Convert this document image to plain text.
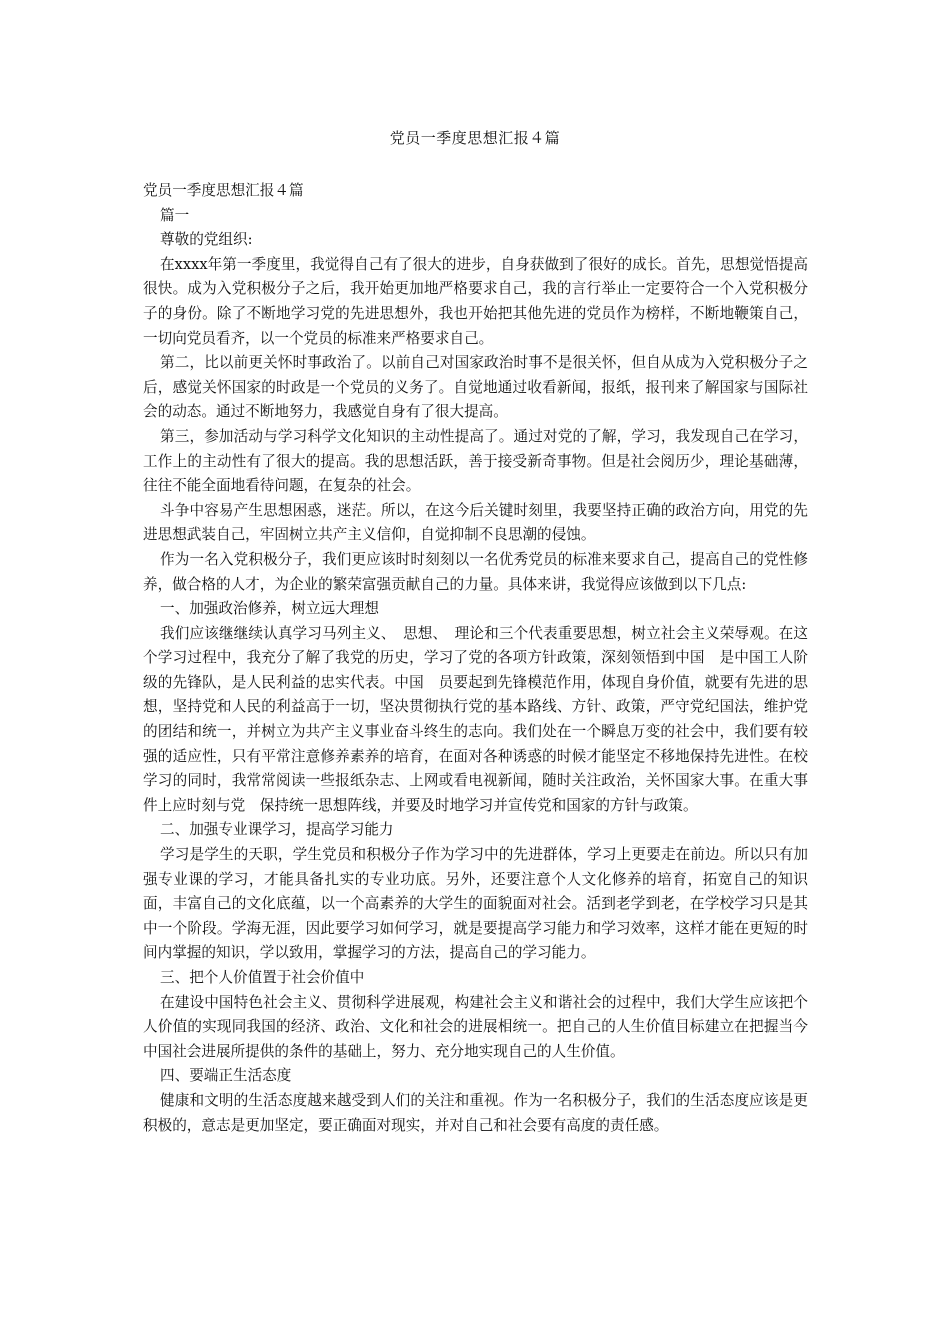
党员一季度思想汇报４篇

党员一季度思想汇报４篇

篇一

尊敬的党组织:

在xxxx年第一季度里，我觉得自己有了很大的进步，自身获做到了很好的成长。首先，思想觉悟提高很快。成为入党积极分子之后，我开始更加地严格要求自己，我的言行举止一定要符合一个入党积极分子的身份。除了不断地学习党的先进思想外，我也开始把其他先进的党员作为榜样，不断地鞭策自己，一切向党员看齐，以一个党员的标准来严格要求自己。

第二，比以前更关怀时事政治了。以前自己对国家政治时事不是很关怀，但自从成为入党积极分子之后，感觉关怀国家的时政是一个党员的义务了。自觉地通过收看新闻，报纸，报刊来了解国家与国际社会的动态。通过不断地努力，我感觉自身有了很大提高。

第三，参加活动与学习科学文化知识的主动性提高了。通过对党的了解，学习，我发现自己在学习，工作上的主动性有了很大的提高。我的思想活跃，善于接受新奇事物。但是社会阅历少，理论基础薄，往往不能全面地看待问题，在复杂的社会。

斗争中容易产生思想困惑，迷茫。所以，在这今后关键时刻里，我要坚持正确的政治方向，用党的先进思想武装自己，牢固树立共产主义信仰，自觉抑制不良思潮的侵蚀。

作为一名入党积极分子，我们更应该时时刻刻以一名优秀党员的标准来要求自己，提高自己的党性修养，做合格的人才，为企业的繁荣富强贡献自己的力量。具体来讲，我觉得应该做到以下几点:

一、加强政治修养，树立远大理想

我们应该继继续认真学习马列主义、　思想、　理论和三个代表重要思想，树立社会主义荣辱观。在这个学习过程中，我充分了解了我党的历史，学习了党的各项方针政策，深刻领悟到中国　是中国工人阶级的先锋队，是人民利益的忠实代表。中国　员要起到先锋模范作用，体现自身价值，就要有先进的思想，坚持党和人民的利益高于一切，坚决贯彻执行党的基本路线、方针、政策，严守党纪国法，维护党的团结和统一，并树立为共产主义事业奋斗终生的志向。我们处在一个瞬息万变的社会中，我们要有较强的适应性，只有平常注意修养素养的培育，在面对各种诱惑的时候才能坚定不移地保持先进性。在校学习的同时，我常常阅读一些报纸杂志、上网或看电视新闻，随时关注政治，关怀国家大事。在重大事件上应时刻与党　保持统一思想阵线，并要及时地学习并宣传党和国家的方针与政策。

二、加强专业课学习，提高学习能力

学习是学生的天职，学生党员和积极分子作为学习中的先进群体，学习上更要走在前边。所以只有加强专业课的学习，才能具备扎实的专业功底。另外，还要注意个人文化修养的培育，拓宽自己的知识面，丰富自己的文化底蕴，以一个高素养的大学生的面貌面对社会。活到老学到老，在学校学习只是其中一个阶段。学海无涯，因此要学习如何学习，就是要提高学习能力和学习效率，这样才能在更短的时间内掌握的知识，学以致用，掌握学习的方法，提高自己的学习能力。

三、把个人价值置于社会价值中

在建设中国特色社会主义、贯彻科学进展观，构建社会主义和谐社会的过程中，我们大学生应该把个人价值的实现同我国的经济、政治、文化和社会的进展相统一。把自己的人生价值目标建立在把握当今中国社会进展所提供的条件的基础上，努力、充分地实现自己的人生价值。

四、要端正生活态度

健康和文明的生活态度越来越受到人们的关注和重视。作为一名积极分子，我们的生活态度应该是更积极的，意志是更加坚定，要正确面对现实，并对自己和社会要有高度的责任感。
